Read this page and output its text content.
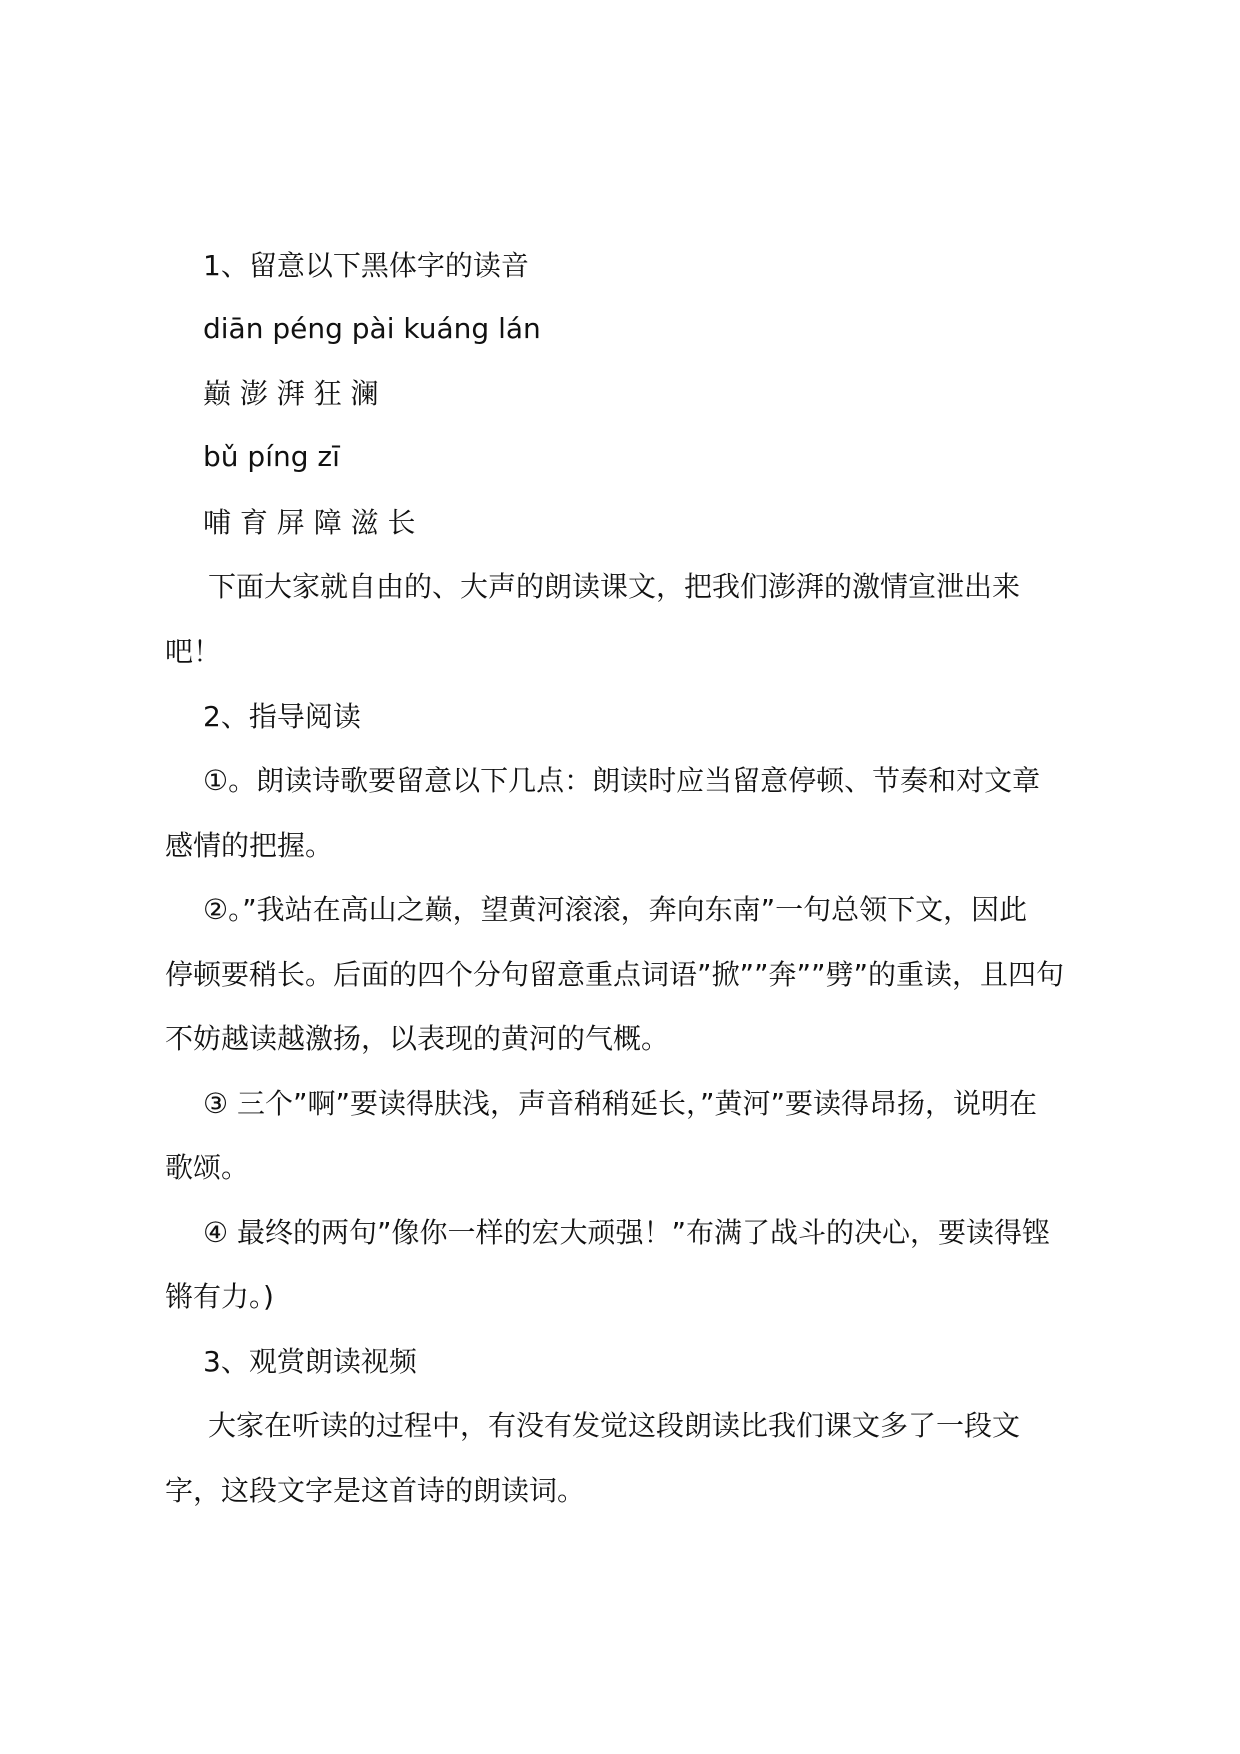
1、留意以下黑体字的读音
diān péng pài kuáng lán
巅 澎 湃 狂 澜
bǔ píng zī
哺 育 屏 障 滋 长
下面大家就自由的、大声的朗读课文，把我们澎湃的激情宣泄出来
吧！
2、指导阅读
①。朗读诗歌要留意以下几点：朗读时应当留意停顿、节奏和对文章
感情的把握。
②。”我站在高山之巅，望黄河滚滚，奔向东南”一句总领下文，因此
停顿要稍长。后面的四个分句留意重点词语”掀””奔””劈”的重读，且四句
不妨越读越激扬，以表现的黄河的气概。
③ 三个”啊”要读得肤浅，声音稍稍延长，”黄河”要读得昂扬，说明在
歌颂。
④ 最终的两句”像你一样的宏大顽强！”布满了战斗的决心，要读得铿
锵有力。)
3、观赏朗读视频
大家在听读的过程中，有没有发觉这段朗读比我们课文多了一段文
字，这段文字是这首诗的朗读词。
